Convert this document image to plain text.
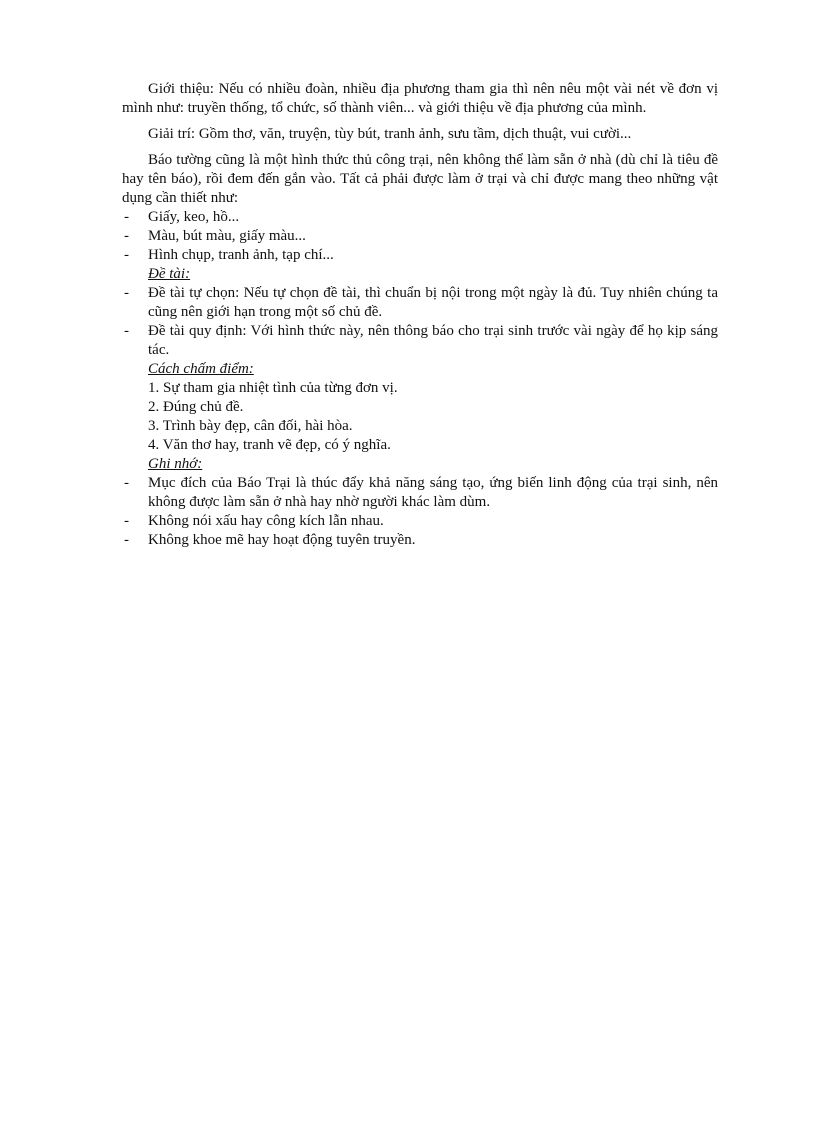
Giới thiệu: Nếu có nhiều đoàn, nhiều địa phương tham gia thì nên nêu một vài nét về đơn vị mình như: truyền thống, tổ chức, số thành viên... và giới thiệu về địa phương của mình.

Giải trí: Gồm thơ, văn, truyện, tùy bút, tranh ảnh, sưu tầm, dịch thuật, vui cười...

Báo tường cũng là một hình thức thủ công trại, nên không thể làm sẵn ở nhà (dù chỉ là tiêu đề hay tên báo), rồi đem đến gắn vào. Tất cả phải được làm ở trại và chỉ được mang theo những vật dụng cần thiết như:

- Giấy, keo, hồ...
- Màu, bút màu, giấy màu...
- Hình chụp, tranh ảnh, tạp chí...

Đề tài:

- Đề tài tự chọn: Nếu tự chọn đề tài, thì chuẩn bị nội trong một ngày là đủ. Tuy nhiên chúng ta cũng nên giới hạn trong một số chủ đề.
- Đề tài quy định: Với hình thức này, nên thông báo cho trại sinh trước vài ngày để họ kịp sáng tác.

Cách chấm điểm:

1. Sự tham gia nhiệt tình của từng đơn vị.

2. Đúng chủ đề.

3. Trình bày đẹp, cân đối, hài hòa.

4. Văn thơ hay, tranh vẽ đẹp, có ý nghĩa.

Ghi nhớ:

- Mục đích của Báo Trại là thúc đẩy khả năng sáng tạo, ứng biến linh động của trại sinh, nên không được làm sẵn ở nhà hay nhờ người khác làm dùm.
- Không nói xấu hay công kích lẫn nhau.
- Không khoe mẽ hay hoạt động tuyên truyền.
